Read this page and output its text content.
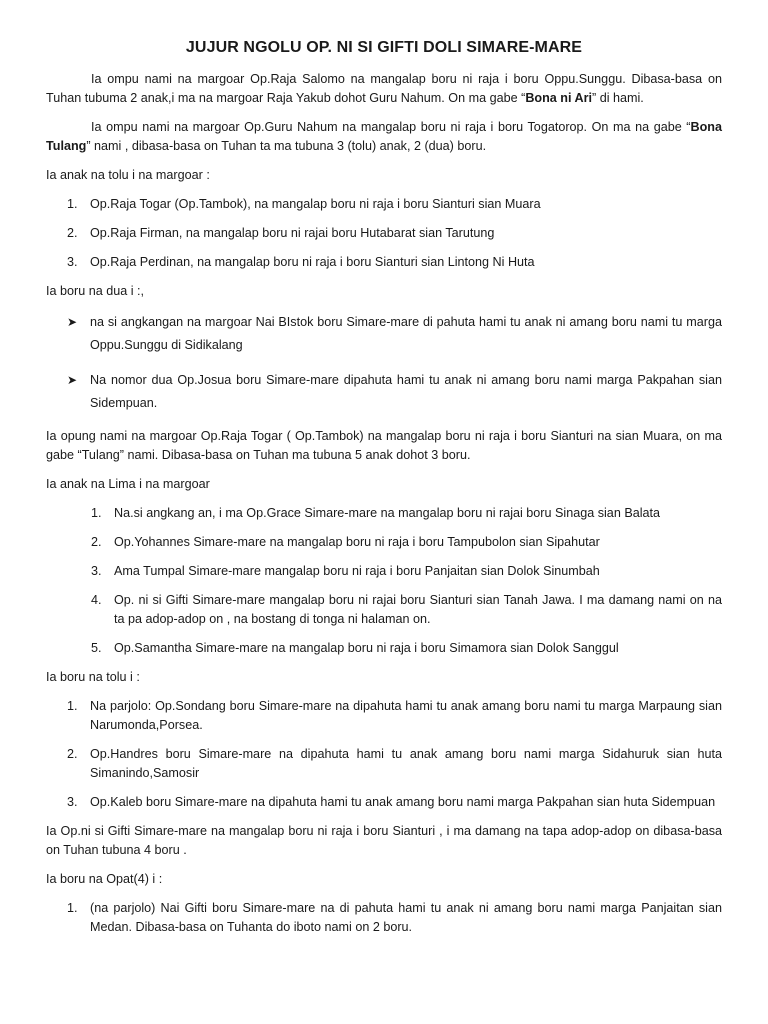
JUJUR NGOLU OP. NI SI GIFTI DOLI SIMARE-MARE

Ia ompu nami na margoar Op.Raja Salomo na mangalap boru ni raja i boru Oppu.Sunggu. Dibasa-basa on Tuhan tubuma 2 anak,i ma na margoar Raja Yakub dohot Guru Nahum. On ma gabe “Bona ni Ari” di hami.

Ia ompu nami na margoar Op.Guru Nahum na mangalap boru ni raja i boru Togatorop. On ma na gabe “Bona Tulang” nami , dibasa-basa on Tuhan ta ma tubuna 3 (tolu) anak, 2 (dua) boru.

Ia anak na tolu i na margoar :

1. Op.Raja Togar (Op.Tambok), na mangalap boru ni raja i boru Sianturi sian Muara
2. Op.Raja Firman, na mangalap boru ni rajai boru Hutabarat sian Tarutung
3. Op.Raja Perdinan, na mangalap boru ni raja i boru Sianturi sian Lintong Ni Huta

Ia boru na dua i :,

➤ na si angkangan na margoar Nai BIstok boru Simare-mare di pahuta hami tu anak ni amang boru nami tu marga Oppu.Sunggu di Sidikalang
➤ Na nomor dua Op.Josua boru Simare-mare dipahuta hami tu anak ni amang boru nami marga Pakpahan sian Sidempuan.

Ia opung nami na margoar Op.Raja Togar ( Op.Tambok) na mangalap boru ni raja i boru Sianturi na sian Muara, on ma gabe “Tulang” nami. Dibasa-basa on Tuhan ma tubuna 5 anak dohot 3 boru.

Ia anak na Lima i na margoar

1. Na.si angkang an, i ma Op.Grace Simare-mare na mangalap boru ni rajai boru Sinaga sian Balata
2. Op.Yohannes Simare-mare na mangalap boru ni raja i boru Tampubolon sian Sipahutar
3. Ama Tumpal Simare-mare mangalap boru ni raja i boru Panjaitan sian Dolok Sinumbah
4. Op. ni si Gifti Simare-mare mangalap boru ni rajai boru Sianturi sian Tanah Jawa. I ma damang nami on na ta pa adop-adop on , na bostang di tonga ni halaman on.
5. Op.Samantha Simare-mare na mangalap boru ni raja i boru Simamora sian Dolok Sanggul

Ia boru na tolu i :

1. Na parjolo: Op.Sondang boru Simare-mare na dipahuta hami tu anak amang boru nami tu marga Marpaung sian Narumonda,Porsea.
2. Op.Handres boru Simare-mare na dipahuta hami tu anak amang boru nami marga Sidahuruk sian huta Simanindo,Samosir
3. Op.Kaleb boru Simare-mare na dipahuta hami tu anak amang boru nami marga Pakpahan sian huta Sidempuan

Ia Op.ni si Gifti Simare-mare na mangalap boru ni raja i boru Sianturi , i ma damang na tapa adop-adop on dibasa-basa on Tuhan tubuna 4 boru .

Ia boru na Opat(4) i :

1. (na parjolo) Nai Gifti boru Simare-mare na di pahuta hami tu anak ni amang boru nami marga Panjaitan sian Medan. Dibasa-basa on Tuhanta do iboto nami on 2 boru.
